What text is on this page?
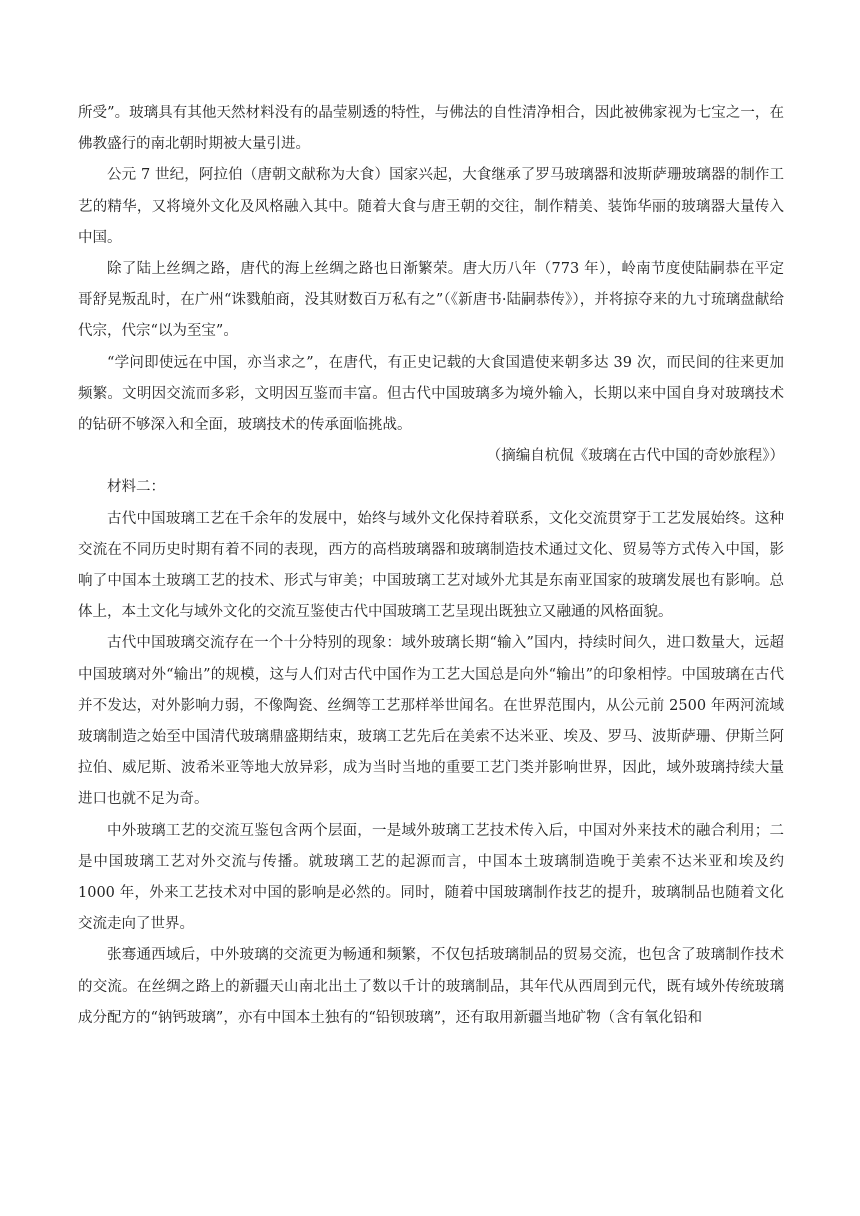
所受”。玻璃具有其他天然材料没有的晶莹剔透的特性，与佛法的自性清净相合，因此被佛家视为七宝之一，在佛教盛行的南北朝时期被大量引进。

公元 7 世纪，阿拉伯（唐朝文献称为大食）国家兴起，大食继承了罗马玻璃器和波斯萨珊玻璃器的制作工艺的精华，又将境外文化及风格融入其中。随着大食与唐王朝的交往，制作精美、装饰华丽的玻璃器大量传入中国。

除了陆上丝绸之路，唐代的海上丝绸之路也日渐繁荣。唐大历八年（773 年），岭南节度使陆嗣恭在平定哥舒晃叛乱时，在广州“诛戮舶商，没其财数百万私有之”（《新唐书·陆嗣恭传》），并将掠夺来的九寸琉璃盘献给代宗，代宗“以为至宝”。

“学问即使远在中国，亦当求之”，在唐代，有正史记载的大食国遣使来朝多达 39 次，而民间的往来更加频繁。文明因交流而多彩，文明因互鉴而丰富。但古代中国玻璃多为境外输入，长期以来中国自身对玻璃技术的钻研不够深入和全面，玻璃技术的传承面临挑战。

（摘编自杭侃《玻璃在古代中国的奇妙旅程》）

材料二：

古代中国玻璃工艺在千余年的发展中，始终与域外文化保持着联系，文化交流贯穿于工艺发展始终。这种交流在不同历史时期有着不同的表现，西方的高档玻璃器和玻璃制造技术通过文化、贸易等方式传入中国，影响了中国本土玻璃工艺的技术、形式与审美；中国玻璃工艺对域外尤其是东南亚国家的玻璃发展也有影响。总体上，本土文化与域外文化的交流互鉴使古代中国玻璃工艺呈现出既独立又融通的风格面貌。

古代中国玻璃交流存在一个十分特别的现象：域外玻璃长期“输入”国内，持续时间久，进口数量大，远超中国玻璃对外“输出”的规模，这与人们对古代中国作为工艺大国总是向外“输出”的印象相悖。中国玻璃在古代并不发达，对外影响力弱，不像陶瓷、丝绸等工艺那样举世闻名。在世界范围内，从公元前 2500 年两河流域玻璃制造之始至中国清代玻璃鼎盛期结束，玻璃工艺先后在美索不达米亚、埃及、罗马、波斯萨珊、伊斯兰阿拉伯、威尼斯、波希米亚等地大放异彩，成为当时当地的重要工艺门类并影响世界，因此，域外玻璃持续大量进口也就不足为奇。

中外玻璃工艺的交流互鉴包含两个层面，一是域外玻璃工艺技术传入后，中国对外来技术的融合利用；二是中国玻璃工艺对外交流与传播。就玻璃工艺的起源而言，中国本土玻璃制造晚于美索不达米亚和埃及约 1000 年，外来工艺技术对中国的影响是必然的。同时，随着中国玻璃制作技艺的提升，玻璃制品也随着文化交流走向了世界。

张骞通西域后，中外玻璃的交流更为畅通和频繁，不仅包括玻璃制品的贸易交流，也包含了玻璃制作技术的交流。在丝绸之路上的新疆天山南北出土了数以千计的玻璃制品，其年代从西周到元代，既有域外传统玻璃成分配方的“钠钙玻璃”，亦有中国本土独有的“铅钡玻璃”，还有取用新疆当地矿物（含有氧化铅和
